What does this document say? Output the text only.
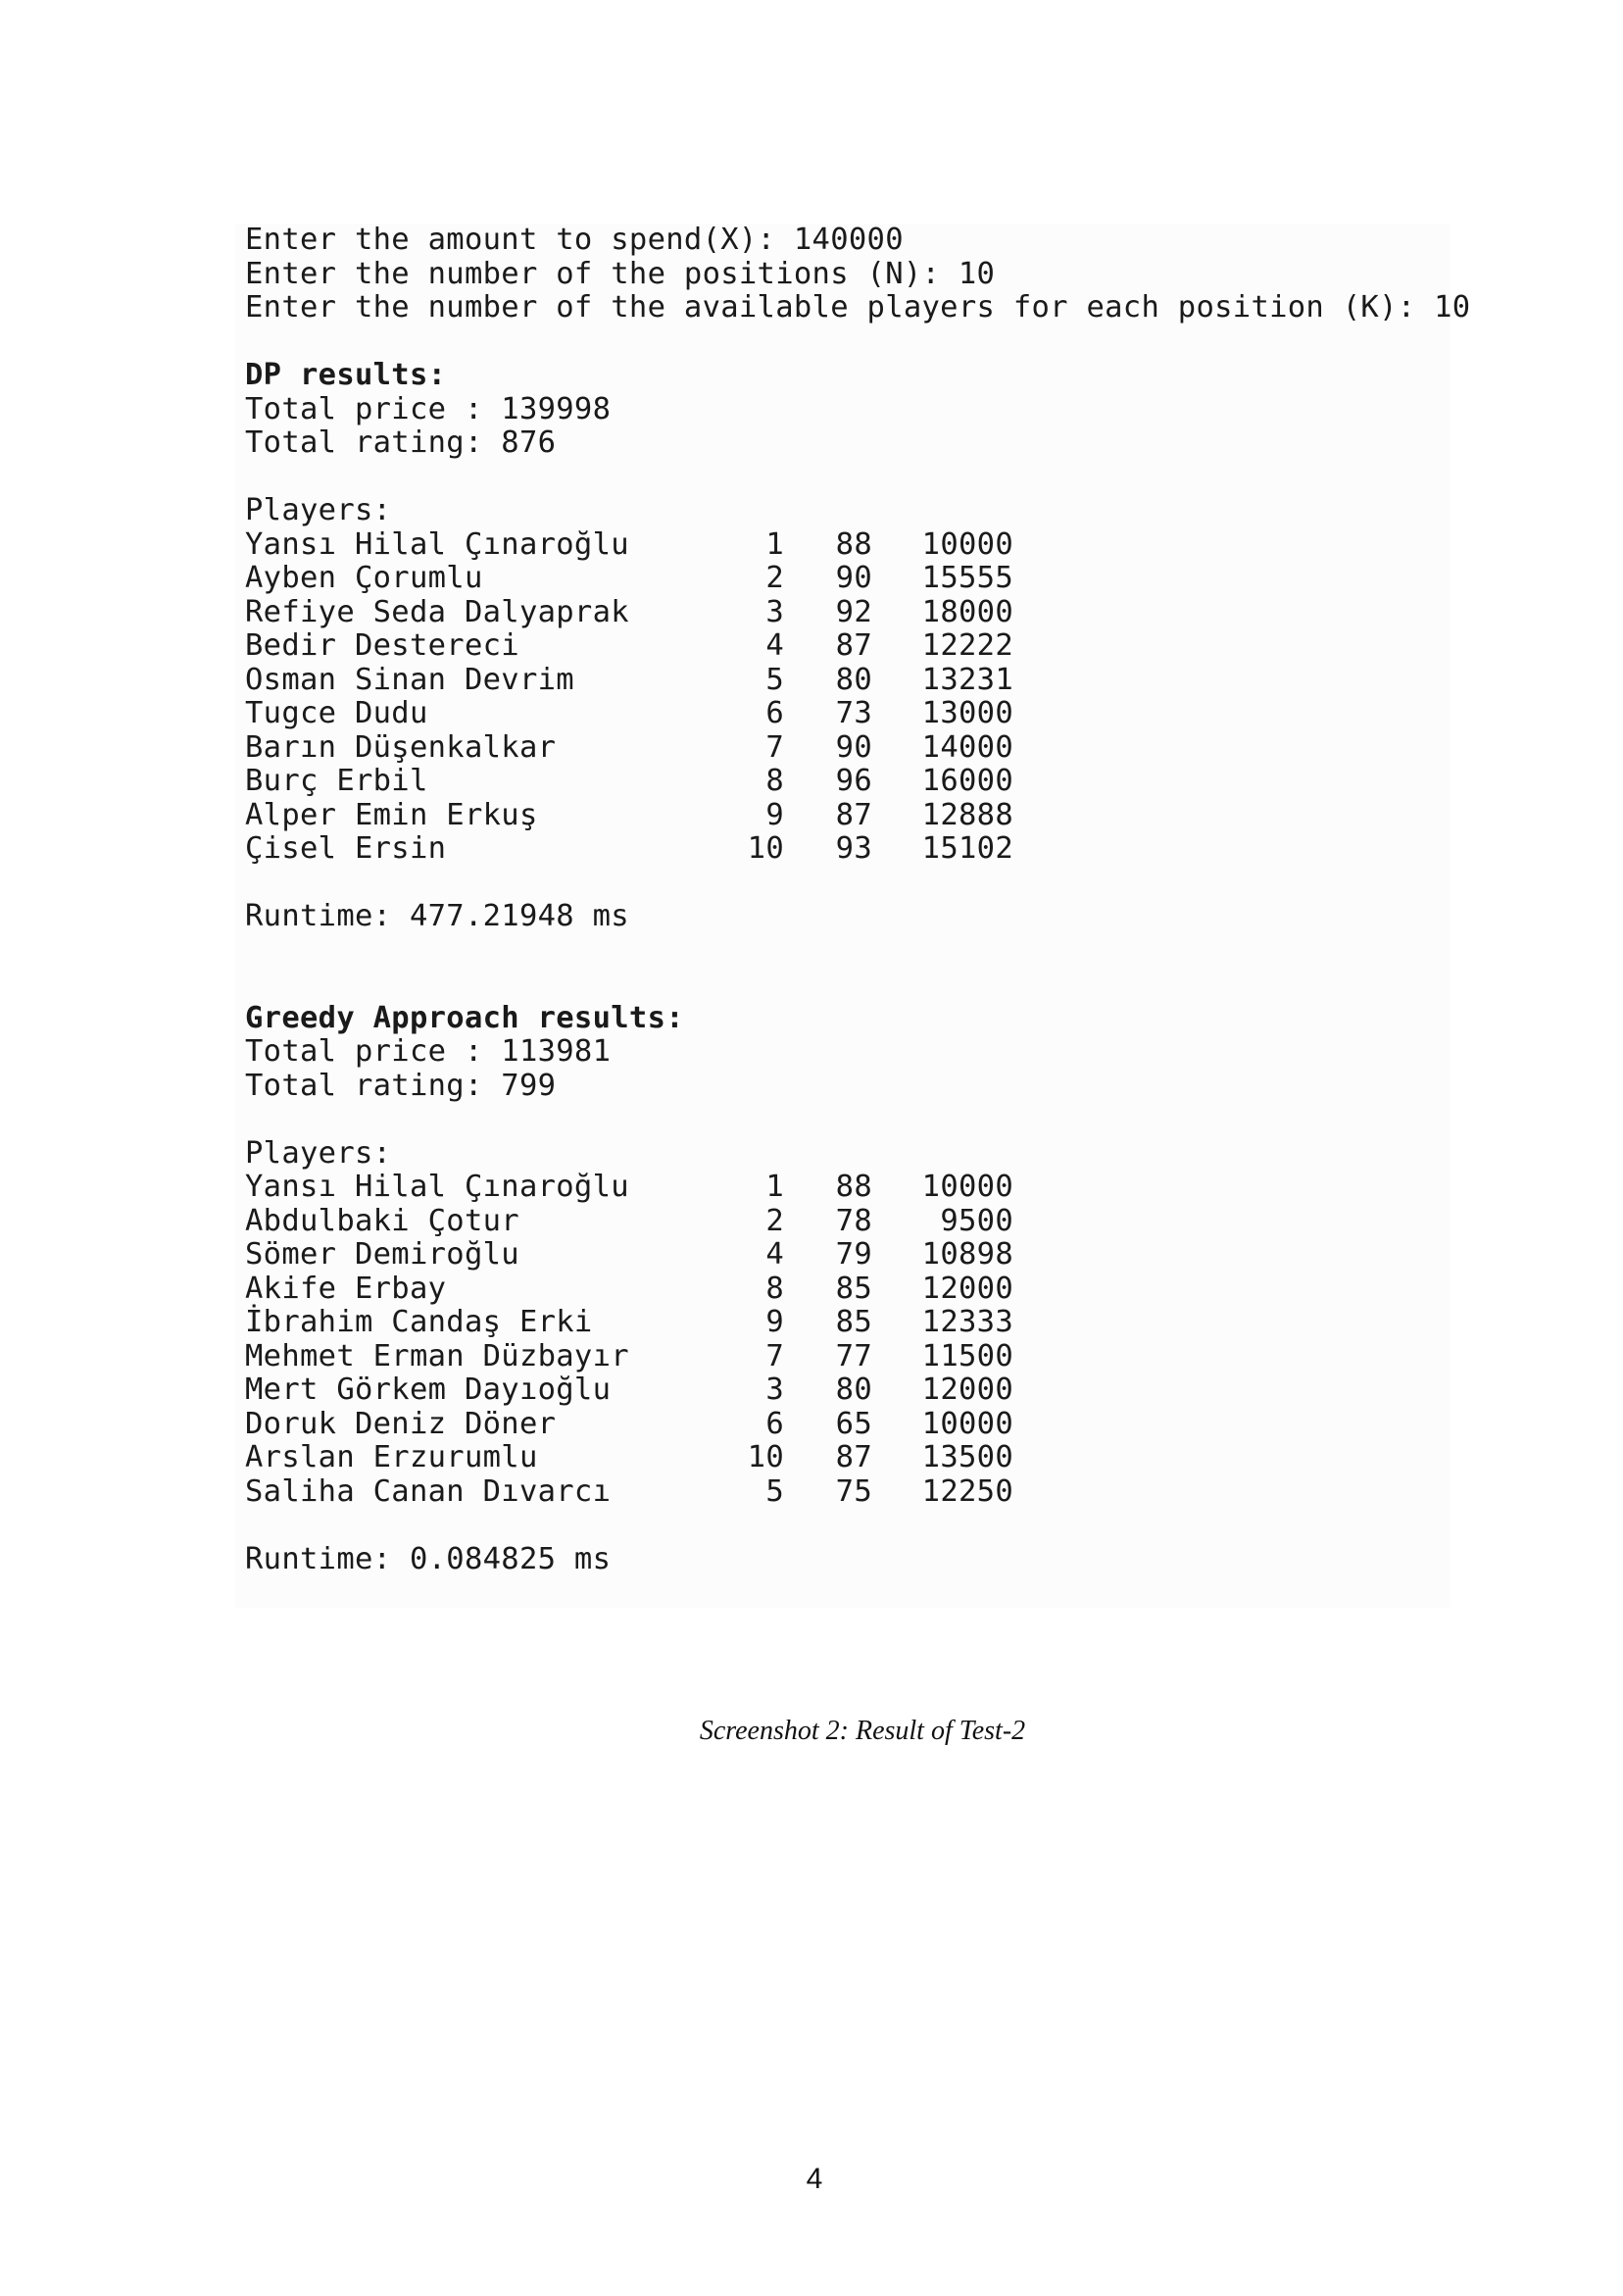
Enter the amount to spend(X): 140000
Enter the number of the positions (N): 10
Enter the number of the available players for each position (K): 10
DP results:
Total price : 139998
Total rating: 876
Players:
Yansı Hilal Çınaroğlu	1	88	10000
Ayben Çorumlu	2	90	15555
Refiye Seda Dalyaprak	3	92	18000
Bedir Destereci	4	87	12222
Osman Sinan Devrim	5	80	13231
Tugce Dudu	6	73	13000
Barın Düşenkalkar	7	90	14000
Burç Erbil	8	96	16000
Alper Emin Erkuş	9	87	12888
Çisel Ersin	10	93	15102
Runtime: 477.21948 ms
Greedy Approach results:
Total price : 113981
Total rating: 799
Players:
Yansı Hilal Çınaroğlu	1	88	10000
Abdulbaki Çotur	2	78	9500
Sömer Demiroğlu	4	79	10898
Akife Erbay	8	85	12000
İbrahim Candaş Erki	9	85	12333
Mehmet Erman Düzbayır	7	77	11500
Mert Görkem Dayıoğlu	3	80	12000
Doruk Deniz Döner	6	65	10000
Arslan Erzurumlu	10	87	13500
Saliha Canan Dıvarcı	5	75	12250
Runtime: 0.084825 ms
Screenshot 2: Result of Test-2
4
